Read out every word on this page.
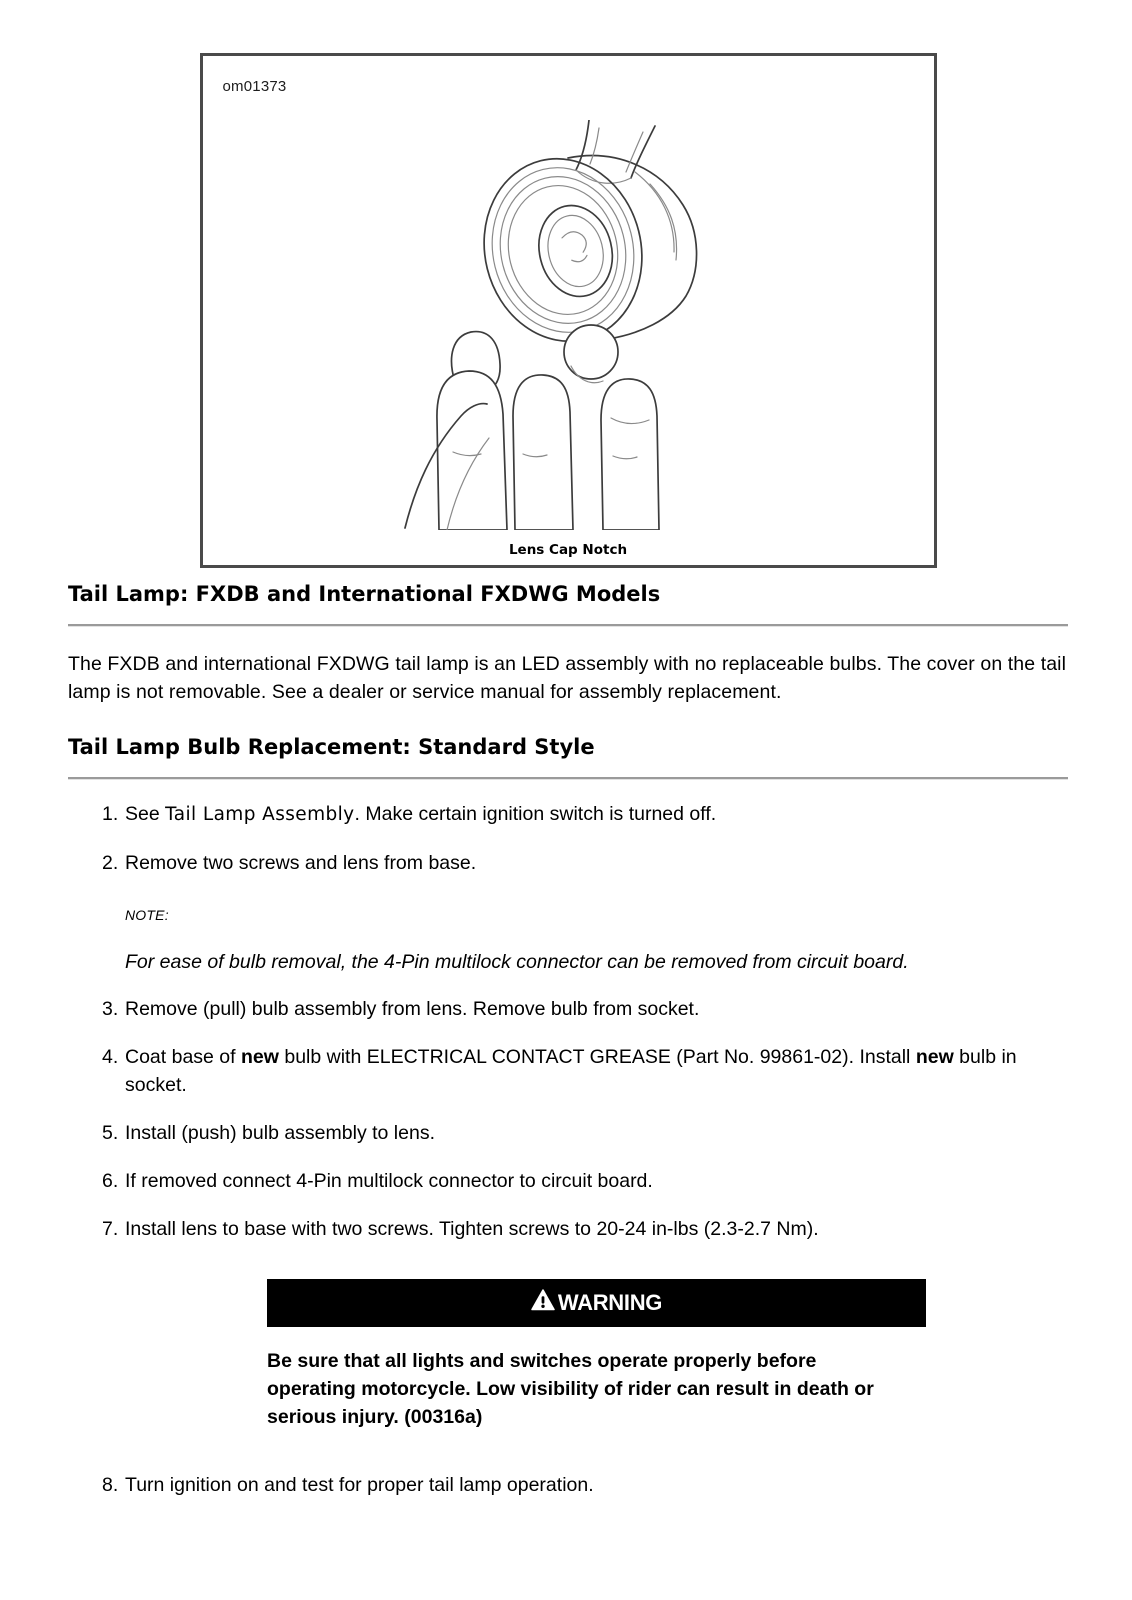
om01373
Lens Cap Notch
Tail Lamp: FXDB and International FXDWG Models

The FXDB and international FXDWG tail lamp is an LED assembly with no replaceable bulbs. The cover on the tail lamp is not removable. See a dealer or service manual for assembly replacement.

Tail Lamp Bulb Replacement: Standard Style
1. See Tail Lamp Assembly. Make certain ignition switch is turned off.
2. Remove two screws and lens from base.
NOTE:
For ease of bulb removal, the 4-Pin multilock connector can be removed from circuit board.
3. Remove (pull) bulb assembly from lens. Remove bulb from socket.
4. Coat base of new bulb with ELECTRICAL CONTACT GREASE (Part No. 99861-02). Install new bulb in socket.
5. Install (push) bulb assembly to lens.
6. If removed connect 4-Pin multilock connector to circuit board.
7. Install lens to base with two screws. Tighten screws to 20-24 in-lbs (2.3-2.7 Nm).
WARNING
Be sure that all lights and switches operate properly before operating motorcycle. Low visibility of rider can result in death or serious injury. (00316a)
8. Turn ignition on and test for proper tail lamp operation.
